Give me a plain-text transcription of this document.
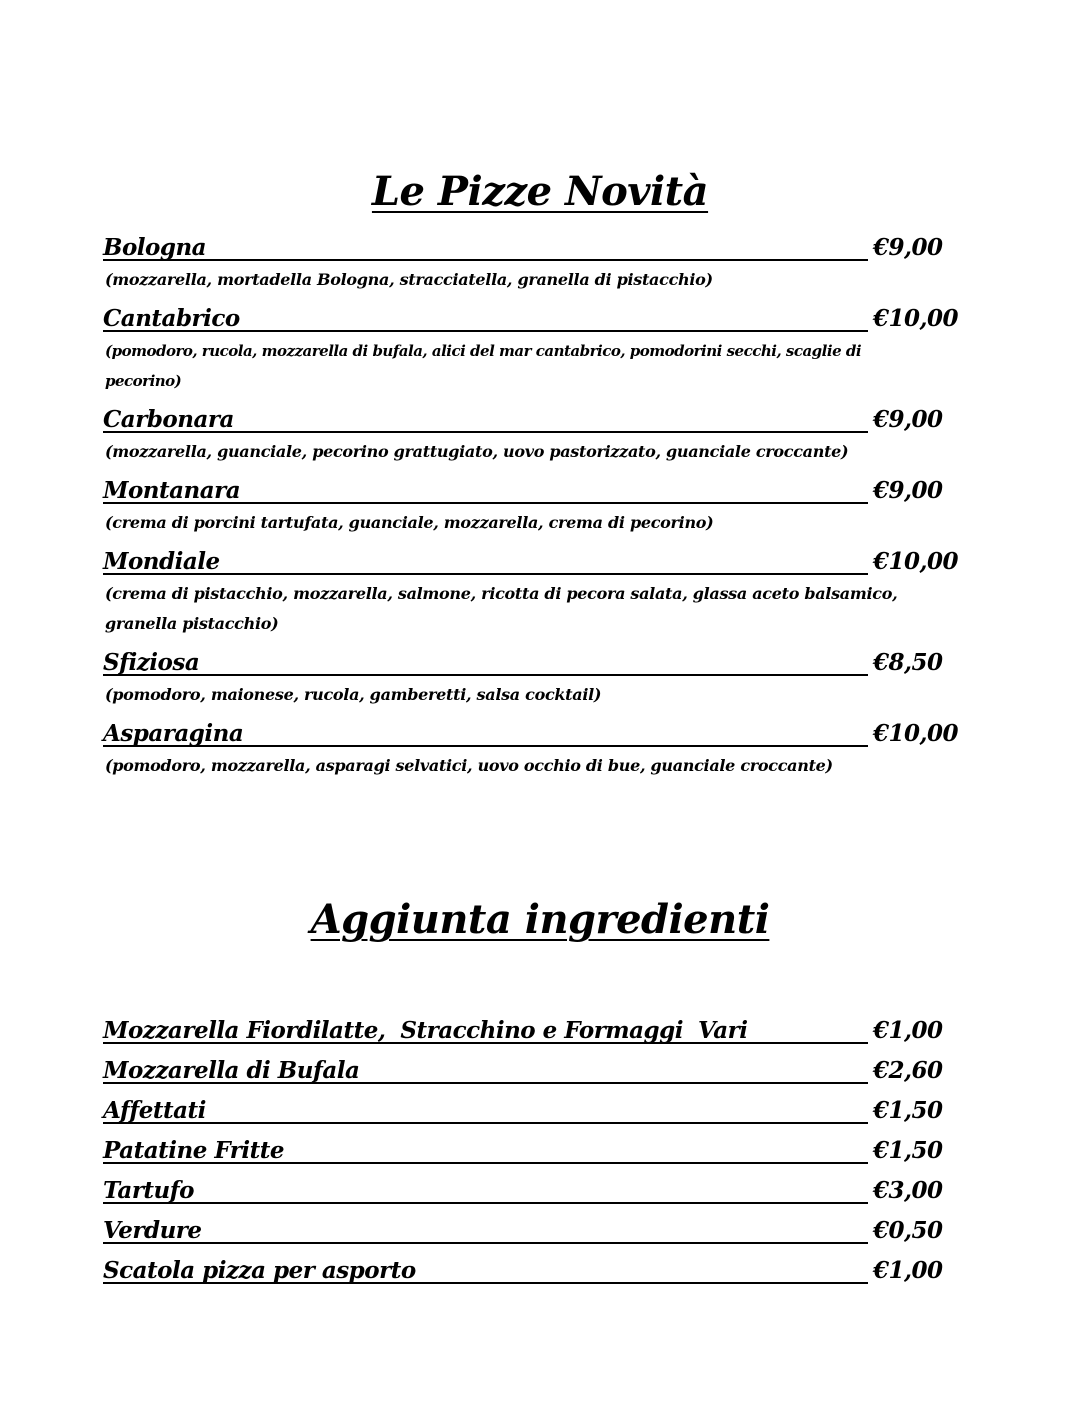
Le Pizze Novità
Bologna	€9,00
(mozzarella, mortadella Bologna, stracciatella, granella di pistacchio)
Cantabrico	€10,00
(pomodoro, rucola, mozzarella di bufala, alici del mar cantabrico, pomodorini secchi, scaglie di pecorino)
Carbonara	€9,00
(mozzarella, guanciale, pecorino grattugiato, uovo pastorizzato, guanciale croccante)
Montanara	€9,00
(crema di porcini tartufata, guanciale, mozzarella, crema di pecorino)
Mondiale	€10,00
(crema di pistacchio, mozzarella, salmone, ricotta di pecora salata, glassa aceto balsamico, granella pistacchio)
Sfiziosa	€8,50
(pomodoro, maionese, rucola, gamberetti, salsa cocktail)
Asparagina	€10,00
(pomodoro, mozzarella, asparagi selvatici, uovo occhio di bue, guanciale croccante)
Aggiunta ingredienti
Mozzarella Fiordilatte,  Stracchino e Formaggi  Vari	€1,00
Mozzarella di Bufala	€2,60
Affettati	€1,50
Patatine Fritte	€1,50
Tartufo	€3,00
Verdure	€0,50
Scatola pizza per asporto	€1,00
